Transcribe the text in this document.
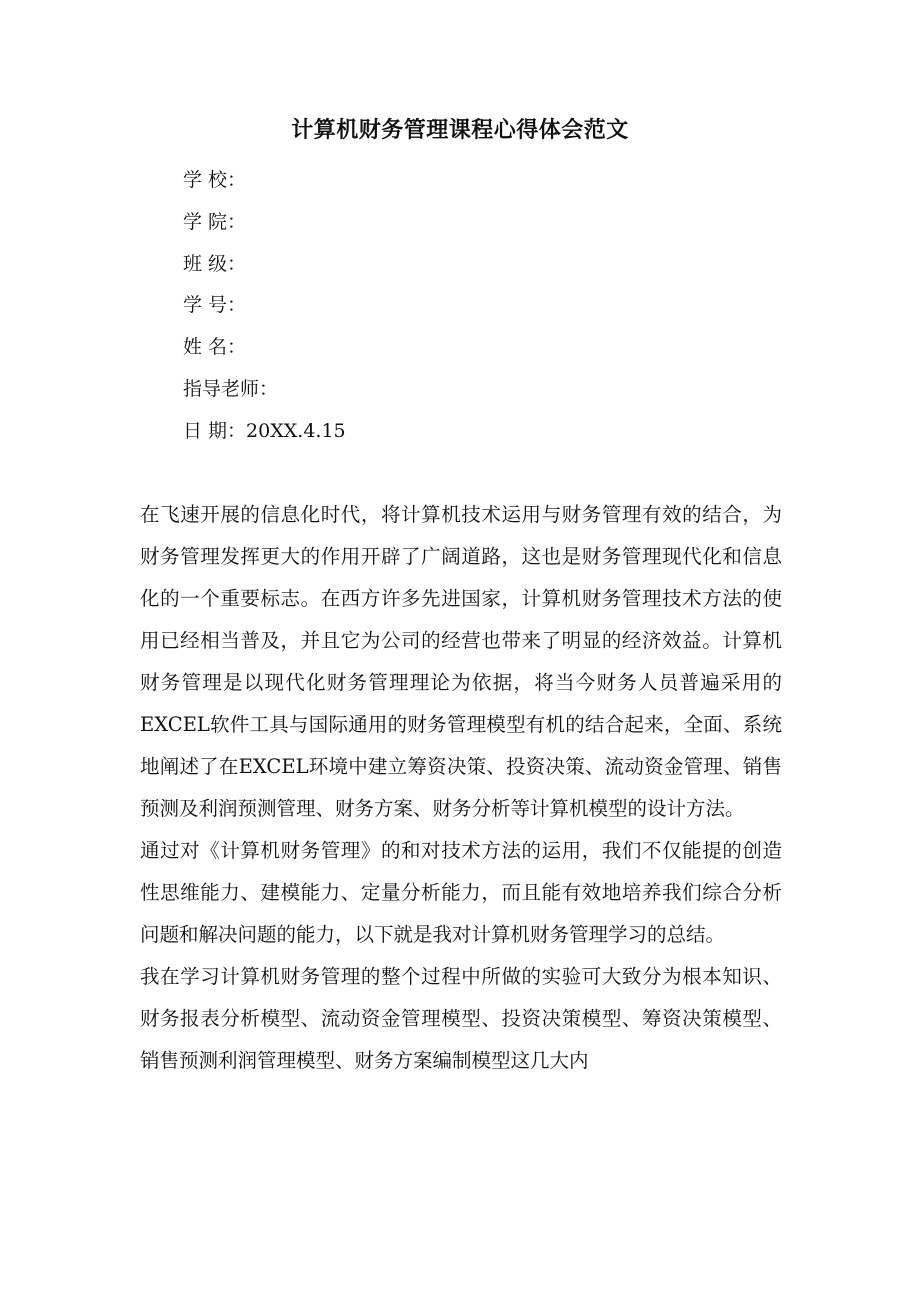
计算机财务管理课程心得体会范文
学 校：
学 院：
班 级：
学 号：
姓 名：
指导老师：
日 期：20XX.4.15

在飞速开展的信息化时代，将计算机技术运用与财务管理有效的结合，为财务管理发挥更大的作用开辟了广阔道路，这也是财务管理现代化和信息化的一个重要标志。在西方许多先进国家，计算机财务管理技术方法的使用已经相当普及，并且它为公司的经营也带来了明显的经济效益。计算机财务管理是以现代化财务管理理论为依据，将当今财务人员普遍采用的EXCEL软件工具与国际通用的财务管理模型有机的结合起来，全面、系统地阐述了在EXCEL环境中建立筹资决策、投资决策、流动资金管理、销售预测及利润预测管理、财务方案、财务分析等计算机模型的设计方法。

通过对《计算机财务管理》的和对技术方法的运用，我们不仅能提的创造性思维能力、建模能力、定量分析能力，而且能有效地培养我们综合分析问题和解决问题的能力，以下就是我对计算机财务管理学习的总结。

我在学习计算机财务管理的整个过程中所做的实验可大致分为根本知识、财务报表分析模型、流动资金管理模型、投资决策模型、筹资决策模型、销售预测利润管理模型、财务方案编制模型这几大内
